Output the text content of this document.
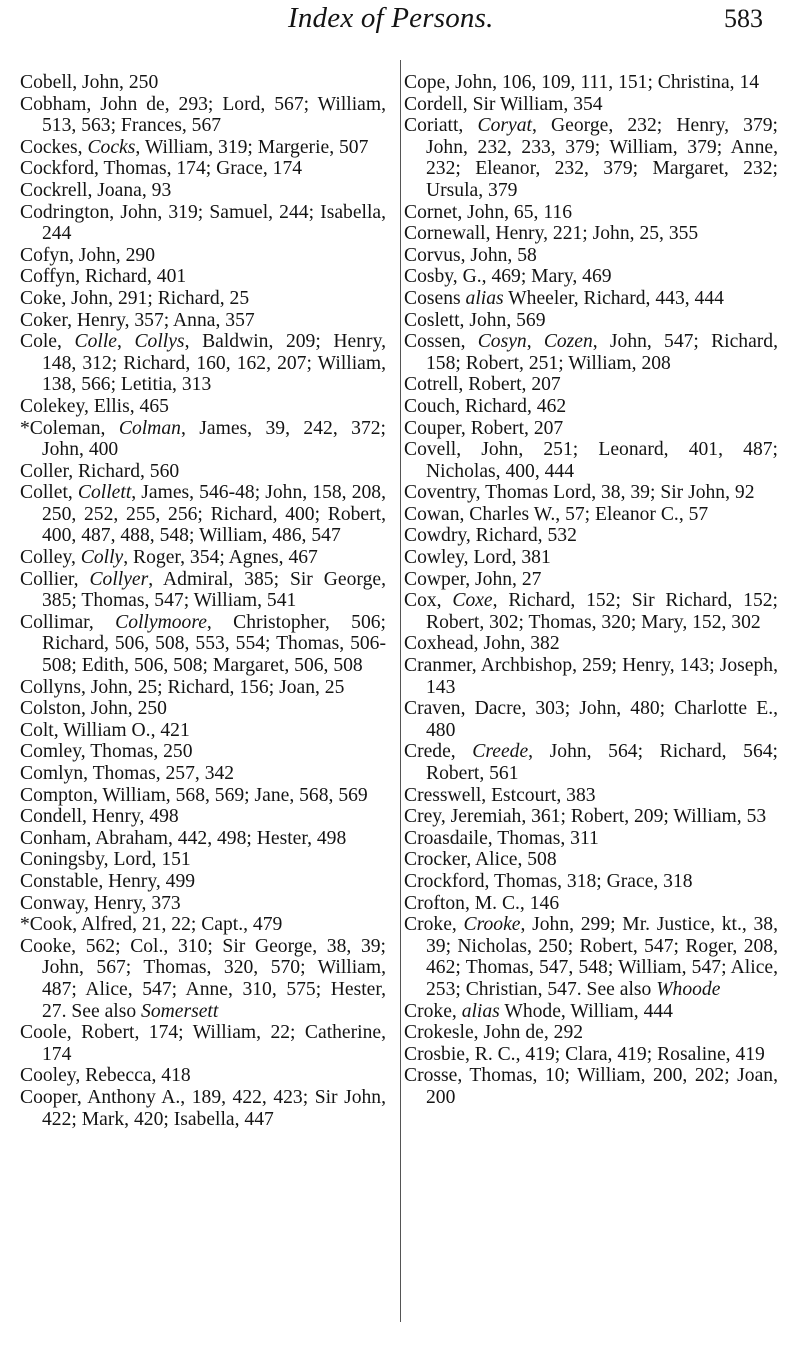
Index of Persons.	583

Cobell, John, 250

Cobham, John de, 293; Lord, 567; William, 513, 563; Frances, 567

Cockes, Cocks, William, 319; Margerie, 507

Cockford, Thomas, 174; Grace, 174

Cockrell, Joana, 93

Codrington, John, 319; Samuel, 244; Isabella, 244

Cofyn, John, 290

Coffyn, Richard, 401

Coke, John, 291; Richard, 25

Coker, Henry, 357; Anna, 357

Cole, Colle, Collys, Baldwin, 209; Henry, 148, 312; Richard, 160, 162, 207; William, 138, 566; Letitia, 313

Colekey, Ellis, 465

*Coleman, Colman, James, 39, 242, 372; John, 400

Coller, Richard, 560

Collet, Collett, James, 546-48; John, 158, 208, 250, 252, 255, 256; Richard, 400; Robert, 400, 487, 488, 548; William, 486, 547

Colley, Colly, Roger, 354; Agnes, 467

Collier, Collyer, Admiral, 385; Sir George, 385; Thomas, 547; William, 541

Collimar, Collymoore, Christopher, 506; Richard, 506, 508, 553, 554; Thomas, 506-508; Edith, 506, 508; Margaret, 506, 508

Collyns, John, 25; Richard, 156; Joan, 25

Colston, John, 250

Colt, William O., 421

Comley, Thomas, 250

Comlyn, Thomas, 257, 342

Compton, William, 568, 569; Jane, 568, 569

Condell, Henry, 498

Conham, Abraham, 442, 498; Hester, 498

Coningsby, Lord, 151

Constable, Henry, 499

Conway, Henry, 373

*Cook, Alfred, 21, 22; Capt., 479

Cooke, 562; Col., 310; Sir George, 38, 39; John, 567; Thomas, 320, 570; William, 487; Alice, 547; Anne, 310, 575; Hester, 27. See also Somersett

Coole, Robert, 174; William, 22; Catherine, 174

Cooley, Rebecca, 418

Cooper, Anthony A., 189, 422, 423; Sir John, 422; Mark, 420; Isabella, 447

Cope, John, 106, 109, 111, 151; Christina, 14

Cordell, Sir William, 354

Coriatt, Coryat, George, 232; Henry, 379; John, 232, 233, 379; William, 379; Anne, 232; Eleanor, 232, 379; Margaret, 232; Ursula, 379

Cornet, John, 65, 116

Cornewall, Henry, 221; John, 25, 355

Corvus, John, 58

Cosby, G., 469; Mary, 469

Cosens alias Wheeler, Richard, 443, 444

Coslett, John, 569

Cossen, Cosyn, Cozen, John, 547; Richard, 158; Robert, 251; William, 208

Cotrell, Robert, 207

Couch, Richard, 462

Couper, Robert, 207

Covell, John, 251; Leonard, 401, 487; Nicholas, 400, 444

Coventry, Thomas Lord, 38, 39; Sir John, 92

Cowan, Charles W., 57; Eleanor C., 57

Cowdry, Richard, 532

Cowley, Lord, 381

Cowper, John, 27

Cox, Coxe, Richard, 152; Sir Richard, 152; Robert, 302; Thomas, 320; Mary, 152, 302

Coxhead, John, 382

Cranmer, Archbishop, 259; Henry, 143; Joseph, 143

Craven, Dacre, 303; John, 480; Charlotte E., 480

Crede, Creede, John, 564; Richard, 564; Robert, 561

Cresswell, Estcourt, 383

Crey, Jeremiah, 361; Robert, 209; William, 53

Croasdaile, Thomas, 311

Crocker, Alice, 508

Crockford, Thomas, 318; Grace, 318

Crofton, M. C., 146

Croke, Crooke, John, 299; Mr. Justice, kt., 38, 39; Nicholas, 250; Robert, 547; Roger, 208, 462; Thomas, 547, 548; William, 547; Alice, 253; Christian, 547. See also Whoode

Croke, alias Whode, William, 444

Crokesle, John de, 292

Crosbie, R. C., 419; Clara, 419; Rosaline, 419

Crosse, Thomas, 10; William, 200, 202; Joan, 200
